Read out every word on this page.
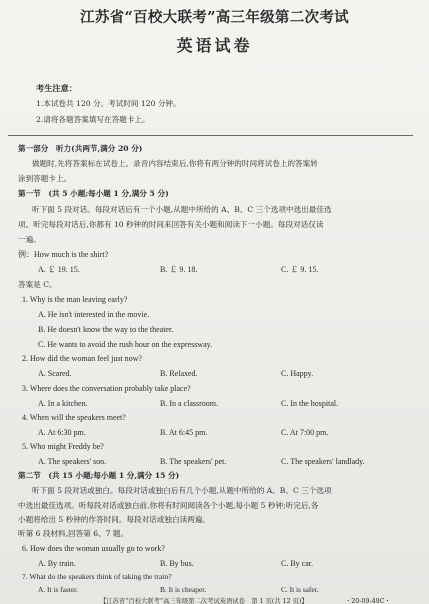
江苏省“百校大联考”高三年级第二次考试
英语试卷
考生注意：
1.本试卷共 120 分。考试时间 120 分钟。
2.请将各题答案填写在答题卡上。
第一部分　听力(共两节,满分 20 分)
做题时,先将答案标在试卷上。录音内容结束后,你将有两分钟的时间将试卷上的答案转
涂到答题卡上。
第一节　(共 5 小题;每小题 1 分,满分 5 分)
听下面 5 段对话。每段对话后有一个小题,从题中所给的 A、B、C 三个选项中选出最佳选
项。听完每段对话后,你都有 10 秒钟的时间来回答有关小题和阅读下一小题。每段对话仅读
一遍。
例：How much is the shirt?
A. ￡ 19. 15.	B. ￡ 9. 18.	C. ￡ 9. 15.
答案是 C。
1. Why is the man leaving early?
A. He isn't interested in the movie.
B. He doesn't know the way to the theater.
C. He wants to avoid the rush hour on the expressway.
2. How did the woman feel just now?
A. Scared.	B. Relaxed.	C. Happy.
3. Where does the conversation probably take place?
A. In a kitchen.	B. In a classroom.	C. In the hospital.
4. When will the speakers meet?
A. At 6:30 pm.	B. At 6:45 pm.	C. At 7:00 pm.
5. Who might Freddy be?
A. The speakers' son.	B. The speakers' pet.	C. The speakers' landlady.
第二节　(共 15 小题;每小题 1 分,满分 15 分)
听下面 5 段对话或独白。每段对话或独白后有几个小题,从题中所给的 A、B、C 三个选项
中选出最佳选项。听每段对话或独白前,你将有时间阅读各个小题,每小题 5 秒钟;听完后,各
小题将给出 5 秒钟的作答时间。每段对话或独白读两遍。
听第 6 段材料,回答第 6、7 题。
6. How does the woman usually go to work?
A. By train.	B. By bus.	C. By car.
7. What do the speakers think of taking the train?
【江苏省“百校大联考”高三年级第二次考试英语试卷　第 1 页(共 12 页)】	・20-09-49C・
A. It is faster.	B. It is cheaper.	C. It is safer.
